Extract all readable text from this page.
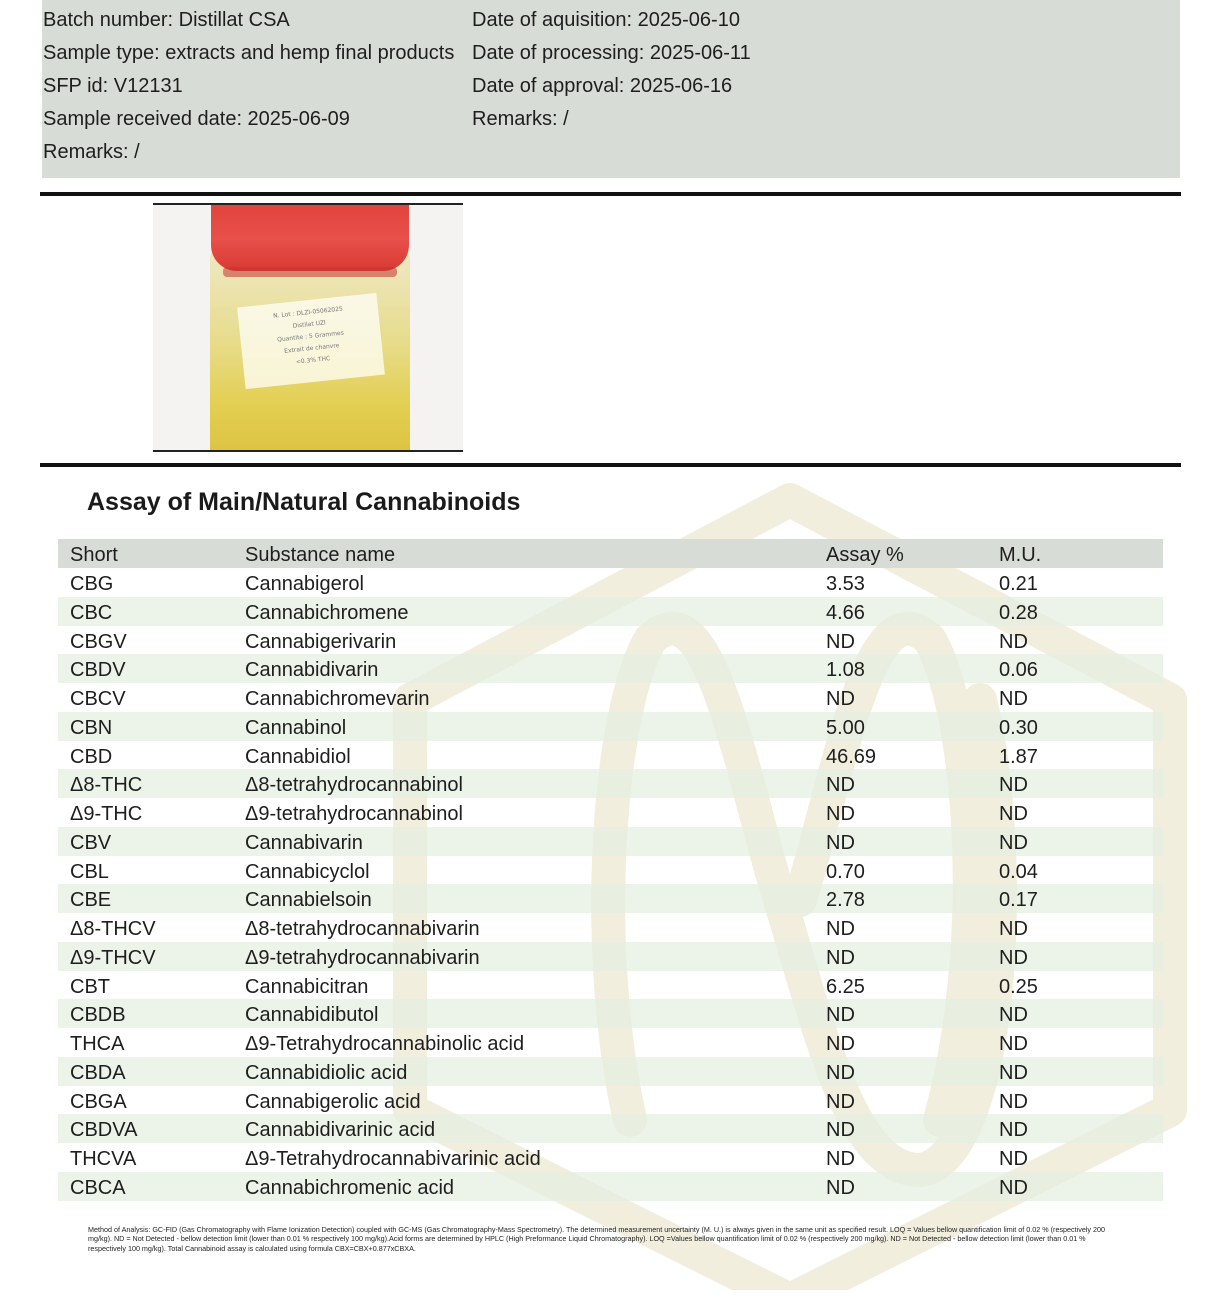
Batch number: Distillat CSA
Sample type: extracts and hemp final products
SFP id: V12131
Sample received date: 2025-06-09
Remarks: /
Date of aquisition: 2025-06-10
Date of processing: 2025-06-11
Date of approval: 2025-06-16
Remarks: /
N. Lot : DLZI-05062025
Distilat UZI
Quantite : 5 Grammes
Extrait de chanvre
<0.3% THC
Assay of Main/Natural Cannabinoids
Short	Substance name	Assay %	M.U.
CBG	Cannabigerol	3.53	0.21
CBC	Cannabichromene	4.66	0.28
CBGV	Cannabigerivarin	ND	ND
CBDV	Cannabidivarin	1.08	0.06
CBCV	Cannabichromevarin	ND	ND
CBN	Cannabinol	5.00	0.30
CBD	Cannabidiol	46.69	1.87
Δ8-THC	Δ8-tetrahydrocannabinol	ND	ND
Δ9-THC	Δ9-tetrahydrocannabinol	ND	ND
CBV	Cannabivarin	ND	ND
CBL	Cannabicyclol	0.70	0.04
CBE	Cannabielsoin	2.78	0.17
Δ8-THCV	Δ8-tetrahydrocannabivarin	ND	ND
Δ9-THCV	Δ9-tetrahydrocannabivarin	ND	ND
CBT	Cannabicitran	6.25	0.25
CBDB	Cannabidibutol	ND	ND
THCA	Δ9-Tetrahydrocannabinolic acid	ND	ND
CBDA	Cannabidiolic acid	ND	ND
CBGA	Cannabigerolic acid	ND	ND
CBDVA	Cannabidivarinic acid	ND	ND
THCVA	Δ9-Tetrahydrocannabivarinic acid	ND	ND
CBCA	Cannabichromenic acid	ND	ND
Method of Analysis: GC-FID (Gas Chromatography with Flame Ionization Detection) coupled with GC-MS (Gas Chromatography-Mass Spectrometry). The determined measurement uncertainty (M. U.) is always given in the same unit as specified result. LOQ = Values bellow quantification limit of 0.02 % (respectively 200 mg/kg). ND = Not Detected - bellow detection limit (lower than 0.01 % respectively 100 mg/kg).Acid forms are determined by HPLC (High Preformance Liquid Chromatography). LOQ =Values bellow quantification limit of 0.02 % (respectively 200 mg/kg). ND = Not Detected - bellow detection limit (lower than 0.01 % respectively 100 mg/kg). Total Cannabinoid assay is calculated using formula CBX=CBX+0.877xCBXA.
